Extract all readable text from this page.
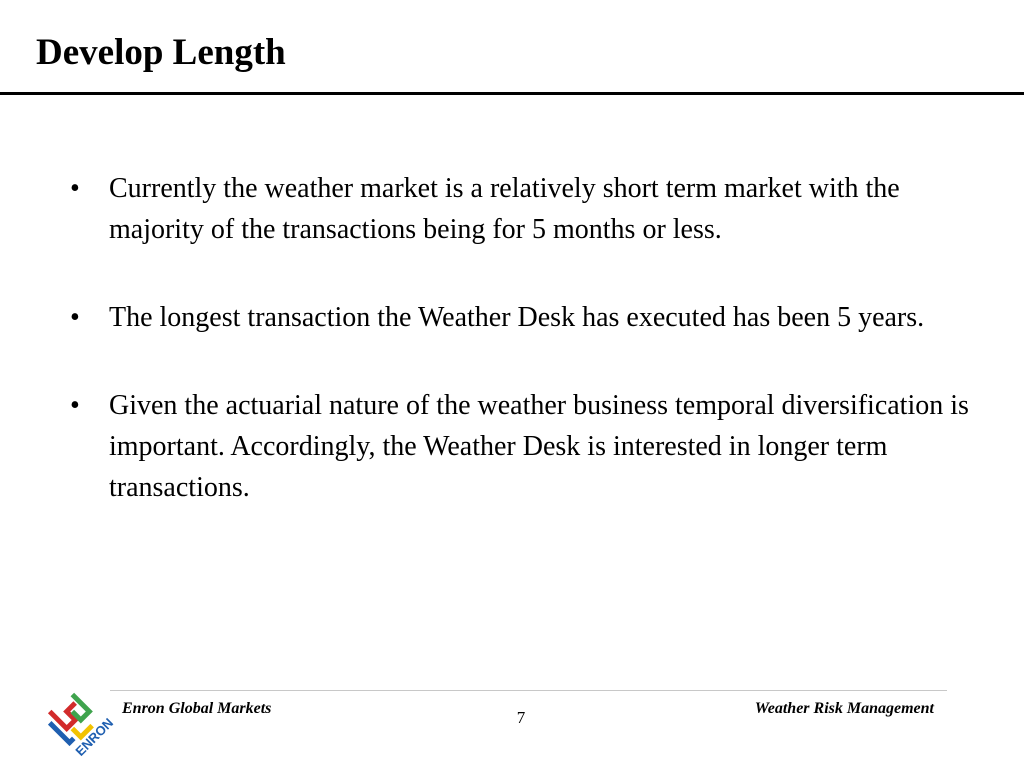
Develop Length
• Currently the weather market is a relatively short term market with the majority of the transactions being for 5 months or less.
• The longest transaction the Weather Desk has executed has been 5 years.
• Given the actuarial nature of the weather business temporal diversification is important. Accordingly, the Weather Desk is interested in longer term transactions.
ENRON
Enron Global Markets	7	Weather Risk Management
